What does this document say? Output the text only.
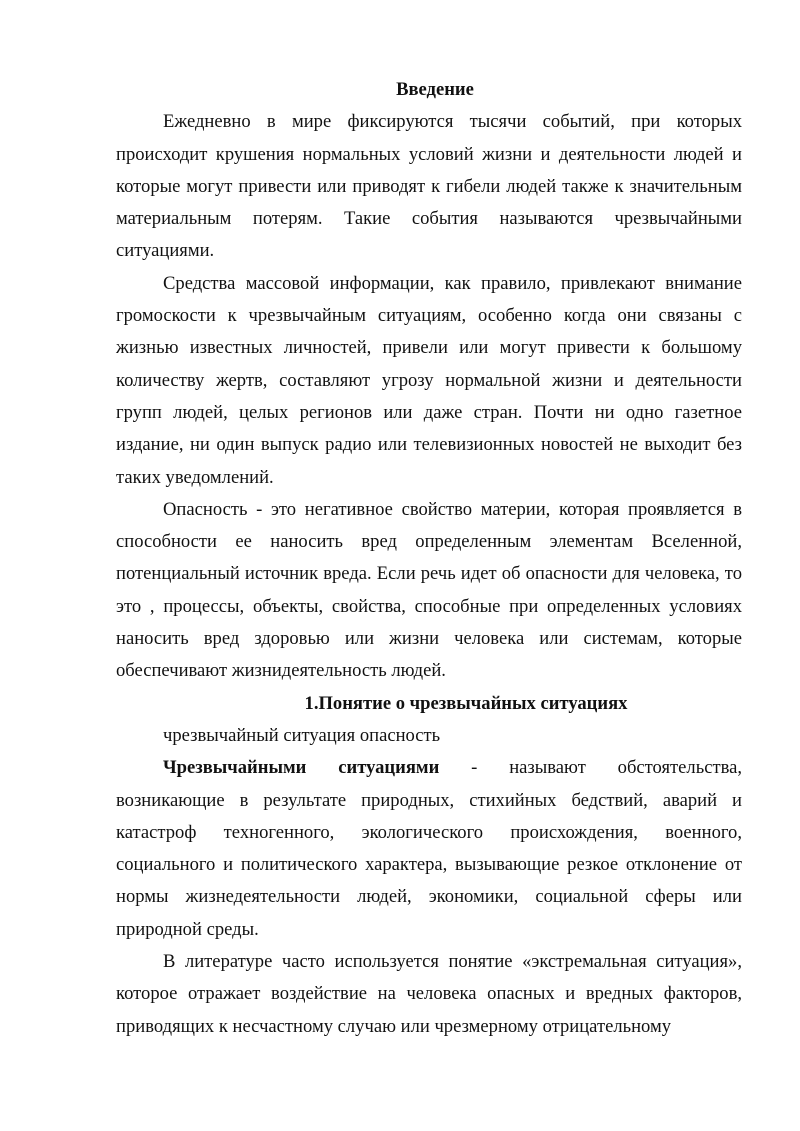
Введение

Ежедневно в мире фиксируются тысячи событий, при которых происходит крушения нормальных условий жизни и деятельности людей и которые могут привести или приводят к гибели людей также к значительным материальным потерям. Такие события называются чрезвычайными ситуациями.

Средства массовой информации, как правило, привлекают внимание громоскости к чрезвычайным ситуациям, особенно когда они связаны с жизнью известных личностей, привели или могут привести к большому количеству жертв, составляют угрозу нормальной жизни и деятельности групп людей, целых регионов или даже стран. Почти ни одно газетное издание, ни один выпуск радио или телевизионных новостей не выходит без таких уведомлений.

Опасность - это негативное свойство материи, которая проявляется в способности ее наносить вред определенным элементам Вселенной, потенциальный источник вреда. Если речь идет об опасности для человека, то это , процессы, объекты, свойства, способные при определенных условиях наносить вред здоровью или жизни человека или системам, которые обеспечивают жизнидеятельность людей.

1.Понятие о чрезвычайных ситуациях

чрезвычайный ситуация опасность

Чрезвычайными ситуациями - называют обстоятельства, возникающие в результате природных, стихийных бедствий, аварий и катастроф техногенного, экологического происхождения, военного, социального и политического характера, вызывающие резкое отклонение от нормы жизнедеятельности людей, экономики, социальной сферы или природной среды.

В литературе часто используется понятие «экстремальная ситуация», которое отражает воздействие на человека опасных и вредных факторов, приводящих к несчастному случаю или чрезмерному отрицательному
